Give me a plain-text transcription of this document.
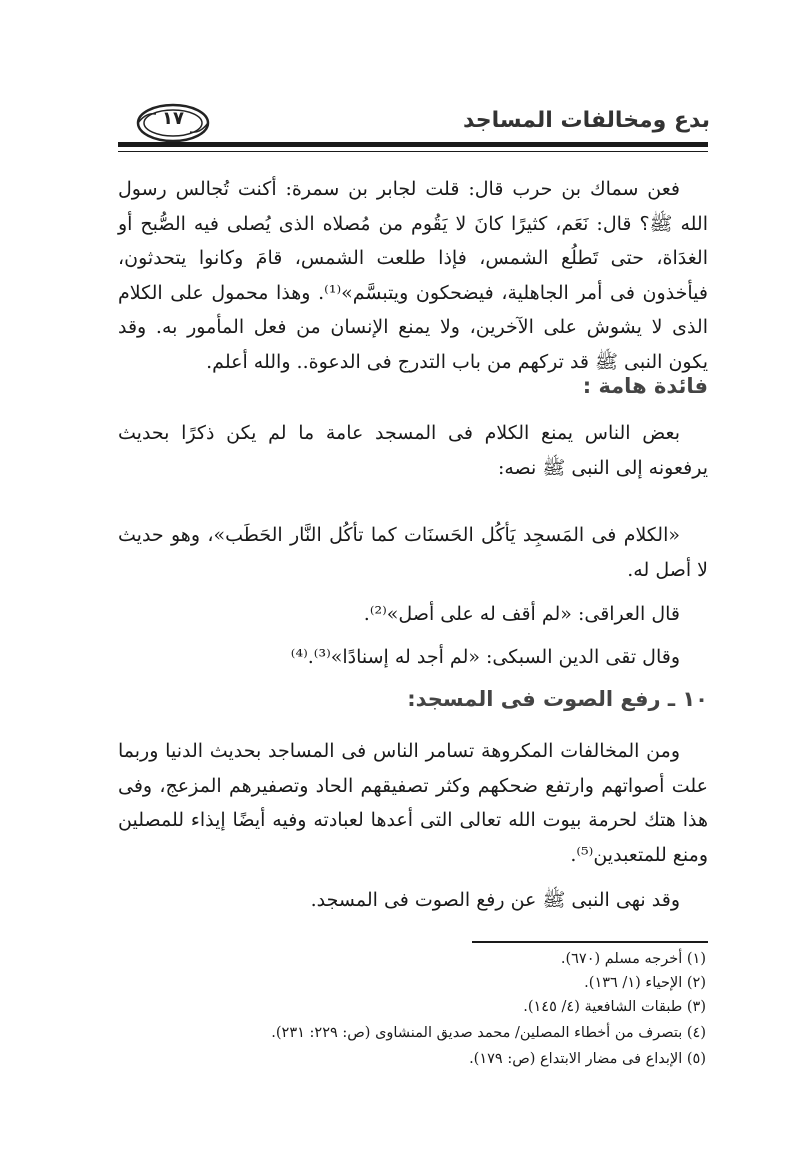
بدع ومخالفات المساجد
١٧

فعن سماك بن حرب قال: قلت لجابر بن سمرة: أكنت تُجالس رسول الله ﷺ؟ قال: نَعَم، كثيرًا كانَ لا يَقُوم من مُصلاه الذى يُصلى فيه الصُّبح أو الغدَاة، حتى تَطلُع الشمس، فإذا طلعت الشمس، قامَ وكانوا يتحدثون، فيأخذون فى أمر الجاهلية، فيضحكون ويتبسَّم»⁽¹⁾. وهذا محمول على الكلام الذى لا يشوش على الآخرين، ولا يمنع الإنسان من فعل المأمور به. وقد يكون النبى ﷺ قد تركهم من باب التدرج فى الدعوة.. والله أعلم.

فائدة هامة :

بعض الناس يمنع الكلام فى المسجد عامة ما لم يكن ذكرًا بحديث يرفعونه إلى النبى ﷺ نصه:

«الكلام فى المَسجِد يَأكُل الحَسنَات كما تأكُل النَّار الحَطَب»، وهو حديث لا أصل له.

قال العراقى: «لم أقف له على أصل»⁽²⁾.
وقال تقى الدين السبكى: «لم أجد له إسنادًا»⁽³⁾.⁽⁴⁾
١٠ ـ رفع الصوت فى المسجد:

ومن المخالفات المكروهة تسامر الناس فى المساجد بحديث الدنيا وربما علت أصواتهم وارتفع ضحكهم وكثر تصفيقهم الحاد وتصفيرهم المزعج، وفى هذا هتك لحرمة بيوت الله تعالى التى أعدها لعبادته وفيه أيضًا إيذاء للمصلين ومنع للمتعبدين⁽⁵⁾.

وقد نهى النبى ﷺ عن رفع الصوت فى المسجد.
(١) أخرجه مسلم (٦٧٠).
(٢) الإحياء (١/ ١٣٦).
(٣) طبقات الشافعية (٤/ ١٤٥).
(٤) بتصرف من أخطاء المصلين/ محمد صديق المنشاوى (ص: ٢٢٩: ٢٣١).
(٥) الإبداع فى مضار الابتداع (ص: ١٧٩).
